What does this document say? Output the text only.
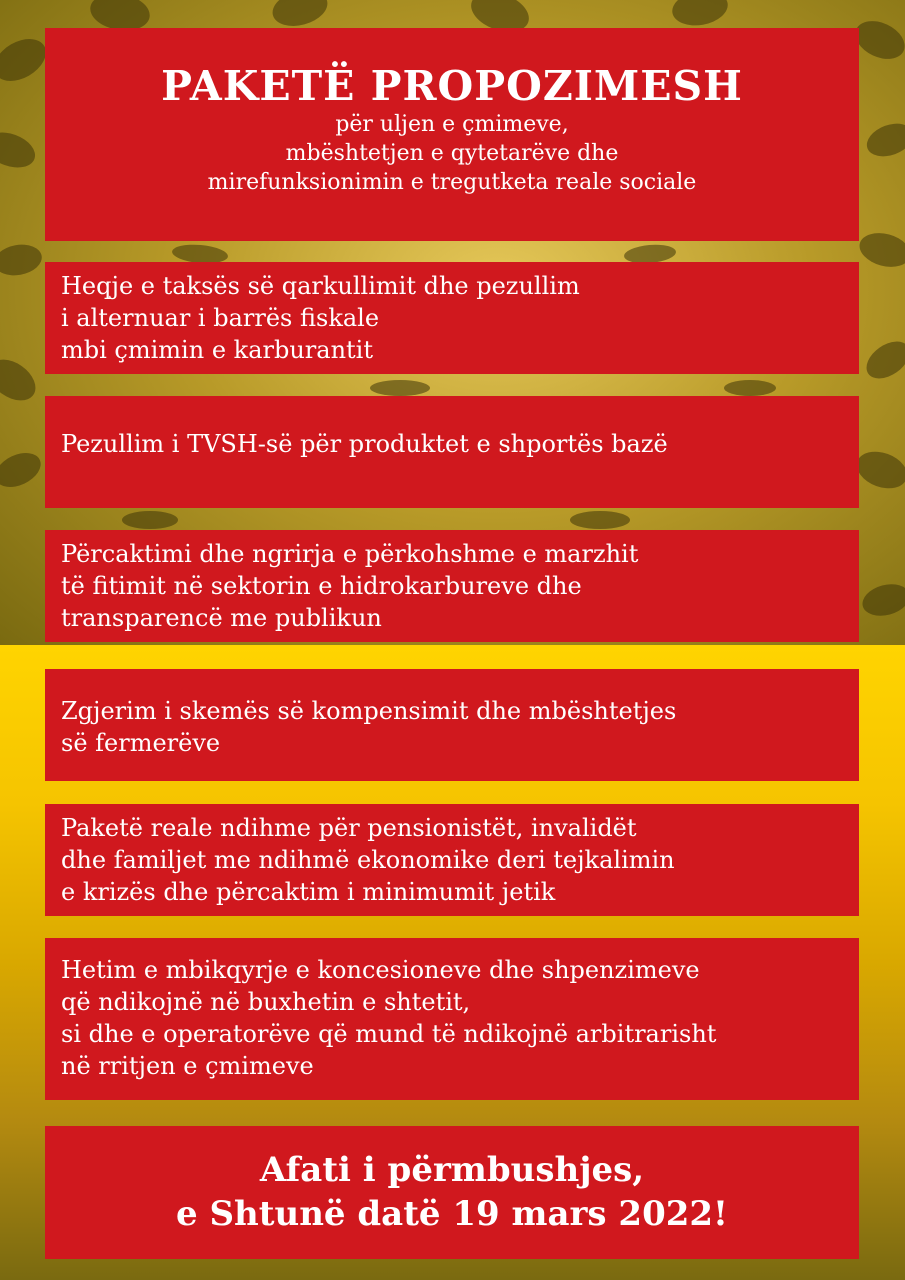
PAKETË PROPOZIMESH
për uljen e çmimeve,
mbështetjen e qytetarëve dhe
mirefunksionimin e tregutketa reale sociale
Heqje e taksës së qarkullimit dhe pezullim
i alternuar i barrës fiskale
mbi çmimin e karburantit
Pezullim i TVSH-së për produktet e shportës bazë
Përcaktimi dhe ngrirja e përkohshme e marzhit
të fitimit në sektorin e hidrokarbureve dhe
transparencë me publikun
Zgjerim i skemës së kompensimit dhe mbështetjes
së fermerëve
Paketë reale ndihme për pensionistët, invalidët
dhe familjet me ndihmë ekonomike deri tejkalimin
e krizës dhe përcaktim i minimumit jetik
Hetim e mbikqyrje e koncesioneve dhe shpenzimeve
që ndikojnë në buxhetin e shtetit,
si dhe e operatorëve që mund të ndikojnë arbitrarisht
në rritjen e çmimeve
Afati i përmbushjes,
e Shtunë datë 19 mars 2022!
